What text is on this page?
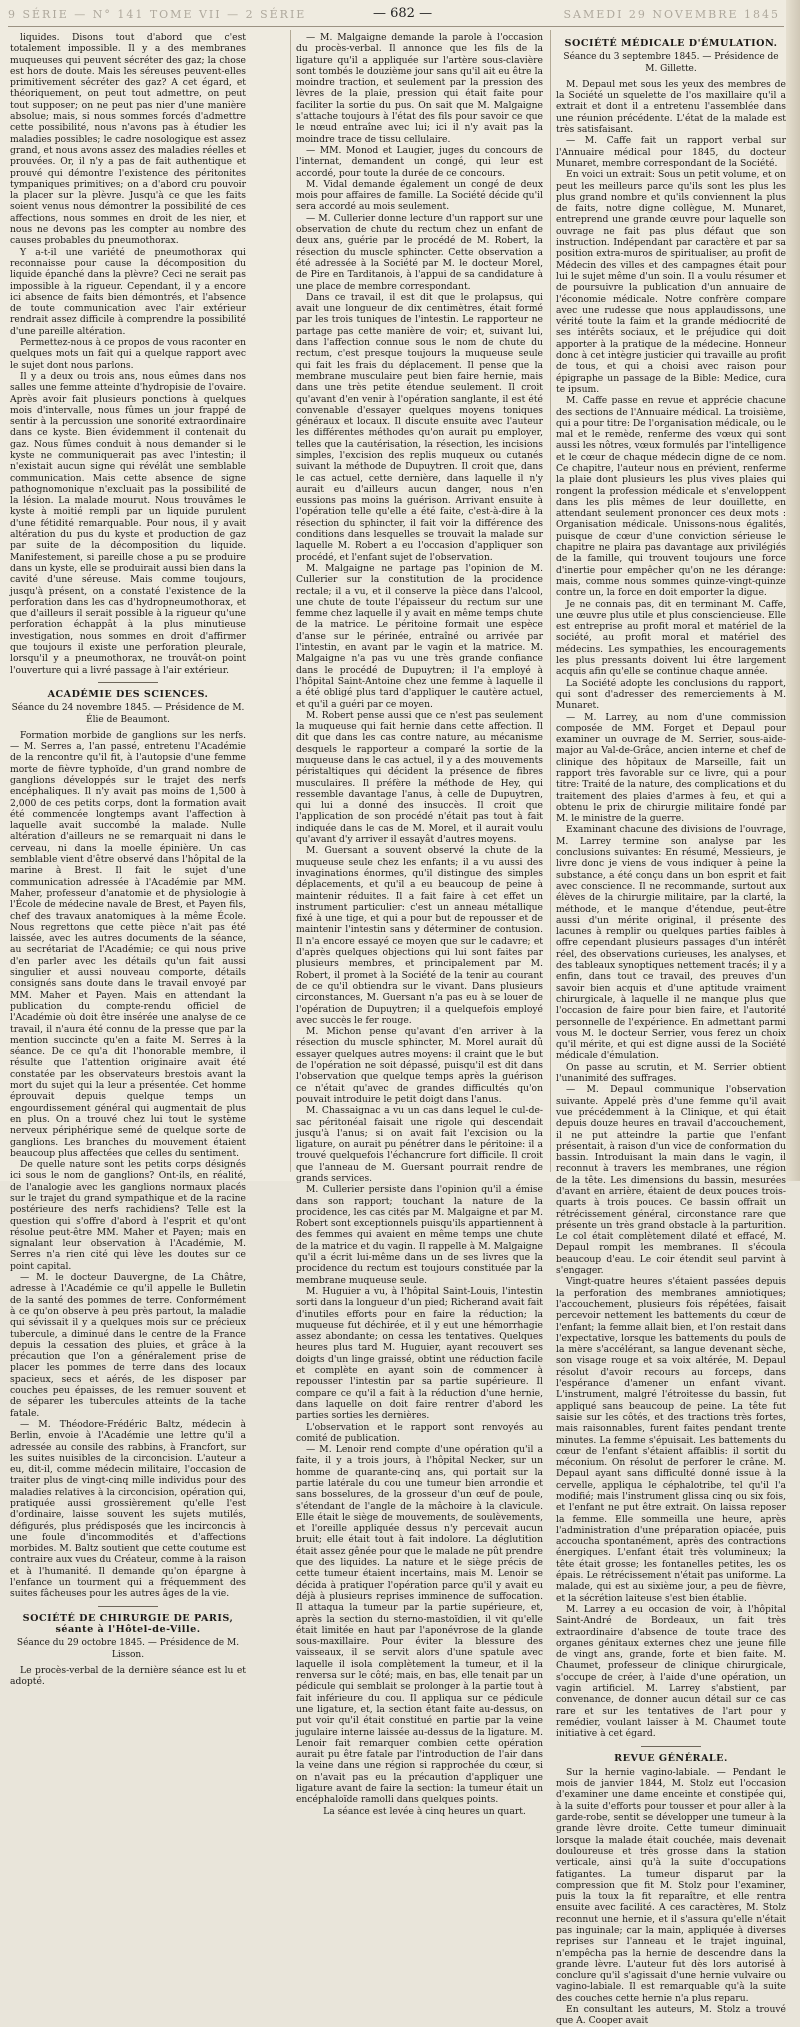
9 SÉRIE — N° 141 TOME VII — 2 SÉRIE	— 682 —	SAMEDI 29 NOVEMBRE 1845

liquides. Disons tout d'abord que c'est totalement impossible. Il y a des membranes muqueuses qui peuvent sécréter des gaz; la chose est hors de doute. Mais les séreuses peuvent-elles primitivement sécréter des gaz? A cet égard, et théoriquement, on peut tout admettre, on peut tout supposer; on ne peut pas nier d'une manière absolue; mais, si nous sommes forcés d'admettre cette possibilité, nous n'avons pas à étudier les maladies possibles; le cadre nosologique est assez grand, et nous avons assez des maladies réelles et prouvées. Or, il n'y a pas de fait authentique et prouvé qui démontre l'existence des péritonites tympaniques primitives; on a d'abord cru pouvoir la placer sur la plèvre. Jusqu'à ce que les faits soient venus nous démontrer la possibilité de ces affections, nous sommes en droit de les nier, et nous ne devons pas les compter au nombre des causes probables du pneumothorax.

Y a-t-il une variété de pneumothorax qui reconnaisse pour cause la décomposition du liquide épanché dans la plèvre? Ceci ne serait pas impossible à la rigueur. Cependant, il y a encore ici absence de faits bien démontrés, et l'absence de toute communication avec l'air extérieur rendrait assez difficile à comprendre la possibilité d'une pareille altération.

Permettez-nous à ce propos de vous raconter en quelques mots un fait qui a quelque rapport avec le sujet dont nous parlons.

Il y a deux ou trois ans, nous eûmes dans nos salles une femme atteinte d'hydropisie de l'ovaire. Après avoir fait plusieurs ponctions à quelques mois d'intervalle, nous fûmes un jour frappé de sentir à la percussion une sonorité extraordinaire dans ce kyste. Bien évidemment il contenait du gaz. Nous fûmes conduit à nous demander si le kyste ne communiquerait pas avec l'intestin; il n'existait aucun signe qui révélât une semblable communication. Mais cette absence de signe pathognomonique n'excluait pas la possibilité de la lésion. La malade mourut. Nous trouvâmes le kyste à moitié rempli par un liquide purulent d'une fétidité remarquable. Pour nous, il y avait altération du pus du kyste et production de gaz par suite de la décomposition du liquide. Manifestement, si pareille chose a pu se produire dans un kyste, elle se produirait aussi bien dans la cavité d'une séreuse. Mais comme toujours, jusqu'à présent, on a constaté l'existence de la perforation dans les cas d'hydropneumothorax, et que d'ailleurs il serait possible à la rigueur qu'une perforation échappât à la plus minutieuse investigation, nous sommes en droit d'affirmer que toujours il existe une perforation pleurale, lorsqu'il y a pneumothorax, ne trouvât-on point l'ouverture qui a livré passage à l'air extérieur.

ACADÉMIE DES SCIENCES.
Séance du 24 novembre 1845. — Présidence de M. Élie de Beaumont.

Formation morbide de ganglions sur les nerfs. — M. Serres a, l'an passé, entretenu l'Académie de la rencontre qu'il fit, à l'autopsie d'une femme morte de fièvre typhoïde, d'un grand nombre de ganglions développés sur le trajet des nerfs encéphaliques. Il n'y avait pas moins de 1,500 à 2,000 de ces petits corps, dont la formation avait été commencée longtemps avant l'affection à laquelle avait succombé la malade. Nulle altération d'ailleurs ne se remarquait ni dans le cerveau, ni dans la moelle épinière. Un cas semblable vient d'être observé dans l'hôpital de la marine à Brest. Il fait le sujet d'une communication adressée à l'Académie par MM. Maher, professeur d'anatomie et de physiologie à l'École de médecine navale de Brest, et Payen fils, chef des travaux anatomiques à la même École. Nous regrettons que cette pièce n'ait pas été laissée, avec les autres documents de la séance, au secrétariat de l'Académie; ce qui nous prive d'en parler avec les détails qu'un fait aussi singulier et aussi nouveau comporte, détails consignés sans doute dans le travail envoyé par MM. Maher et Payen. Mais en attendant la publication du compte-rendu officiel de l'Académie où doit être insérée une analyse de ce travail, il n'aura été connu de la presse que par la mention succincte qu'en a faite M. Serres à la séance. De ce qu'a dit l'honorable membre, il résulte que l'attention originaire avait été constatée par les observateurs brestois avant la mort du sujet qui la leur a présentée. Cet homme éprouvait depuis quelque temps un engourdissement général qui augmentait de plus en plus. On a trouvé chez lui tout le système nerveux périphérique semé de quelque sorte de ganglions. Les branches du mouvement étaient beaucoup plus affectées que celles du sentiment.

De quelle nature sont les petits corps désignés ici sous le nom de ganglions? Ont-ils, en réalité, de l'analogie avec les ganglions normaux placés sur le trajet du grand sympathique et de la racine postérieure des nerfs rachidiens? Telle est la question qui s'offre d'abord à l'esprit et qu'ont résolue peut-être MM. Maher et Payen; mais en signalant leur observation à l'Académie, M. Serres n'a rien cité qui lève les doutes sur ce point capital.

— M. le docteur Dauvergne, de La Châtre, adresse à l'Académie ce qu'il appelle le Bulletin de la santé des pommes de terre. Conformément à ce qu'on observe à peu près partout, la maladie qui sévissait il y a quelques mois sur ce précieux tubercule, a diminué dans le centre de la France depuis la cessation des pluies, et grâce à la précaution que l'on a généralement prise de placer les pommes de terre dans des locaux spacieux, secs et aérés, de les disposer par couches peu épaisses, de les remuer souvent et de séparer les tubercules atteints de la tache fatale.

— M. Théodore-Frédéric Baltz, médecin à Berlin, envoie à l'Académie une lettre qu'il a adressée au consile des rabbins, à Francfort, sur les suites nuisibles de la circoncision. L'auteur a eu, dit-il, comme médecin militaire, l'occasion de traiter plus de vingt-cinq mille individus pour des maladies relatives à la circoncision, opération qui, pratiquée aussi grossièrement qu'elle l'est d'ordinaire, laisse souvent les sujets mutilés, défigurés, plus prédisposés que les incirconcis à une foule d'incommodités et d'affections morbides. M. Baltz soutient que cette coutume est contraire aux vues du Créateur, comme à la raison et à l'humanité. Il demande qu'on épargne à l'enfance un tourment qui a fréquemment des suites fâcheuses pour les autres âges de la vie.

SOCIÉTÉ DE CHIRURGIE DE PARIS, séante à l'Hôtel-de-Ville.
Séance du 29 octobre 1845. — Présidence de M. Lisson.

Le procès-verbal de la dernière séance est lu et adopté.

— M. Malgaigne demande la parole à l'occasion du procès-verbal. Il annonce que les fils de la ligature qu'il a appliquée sur l'artère sous-clavière sont tombés le douzième jour sans qu'il ait eu être la moindre traction, et seulement par la pression des lèvres de la plaie, pression qui était faite pour faciliter la sortie du pus. On sait que M. Malgaigne s'attache toujours à l'état des fils pour savoir ce que le nœud entraîne avec lui; ici il n'y avait pas la moindre trace de tissu cellulaire.

— MM. Monod et Laugier, juges du concours de l'internat, demandent un congé, qui leur est accordé, pour toute la durée de ce concours.

M. Vidal demande également un congé de deux mois pour affaires de famille. La Société décide qu'il sera accordé au mois seulement.

— M. Cullerier donne lecture d'un rapport sur une observation de chute du rectum chez un enfant de deux ans, guérie par le procédé de M. Robert, la résection du muscle sphincter. Cette observation a été adressée à la Société par M. le docteur Morel, de Pire en Tarditanois, à l'appui de sa candidature à une place de membre correspondant.

Dans ce travail, il est dit que le prolapsus, qui avait une longueur de dix centimètres, était formé par les trois tuniques de l'intestin. Le rapporteur ne partage pas cette manière de voir; et, suivant lui, dans l'affection connue sous le nom de chute du rectum, c'est presque toujours la muqueuse seule qui fait les frais du déplacement. Il pense que la membrane musculaire peut bien faire hernie, mais dans une très petite étendue seulement. Il croit qu'avant d'en venir à l'opération sanglante, il est été convenable d'essayer quelques moyens toniques généraux et locaux. Il discute ensuite avec l'auteur les différentes méthodes qu'on aurait pu employer, telles que la cautérisation, la résection, les incisions simples, l'excision des replis muqueux ou cutanés suivant la méthode de Dupuytren. Il croit que, dans le cas actuel, cette dernière, dans laquelle il n'y aurait eu d'ailleurs aucun danger, nous n'en eussions pas moins la guérison. Arrivant ensuite à l'opération telle qu'elle a été faite, c'est-à-dire à la résection du sphincter, il fait voir la différence des conditions dans lesquelles se trouvait la malade sur laquelle M. Robert a eu l'occasion d'appliquer son procédé, et l'enfant sujet de l'observation.

M. Malgaigne ne partage pas l'opinion de M. Cullerier sur la constitution de la procidence rectale; il a vu, et il conserve la pièce dans l'alcool, une chute de toute l'épaisseur du rectum sur une femme chez laquelle il y avait en même temps chute de la matrice. Le péritoine formait une espèce d'anse sur le périnée, entraîné ou arrivée par l'intestin, en avant par le vagin et la matrice. M. Malgaigne n'a pas vu une très grande confiance dans le procédé de Dupuytren; il l'a employé à l'hôpital Saint-Antoine chez une femme à laquelle il a été obligé plus tard d'appliquer le cautère actuel, et qu'il a guéri par ce moyen.

M. Robert pense aussi que ce n'est pas seulement la muqueuse qui fait hernie dans cette affection. Il dit que dans les cas contre nature, au mécanisme desquels le rapporteur a comparé la sortie de la muqueuse dans le cas actuel, il y a des mouvements péristaltiques qui décident la présence de fibres musculaires. Il préfère la méthode de Hey, qui ressemble davantage l'anus, à celle de Dupuytren, qui lui a donné des insuccès. Il croit que l'application de son procédé n'était pas tout à fait indiquée dans le cas de M. Morel, et il aurait voulu qu'avant d'y arriver il essayât d'autres moyens.

M. Guersant a souvent observé la chute de la muqueuse seule chez les enfants; il a vu aussi des invaginations énormes, qu'il distingue des simples déplacements, et qu'il a eu beaucoup de peine à maintenir réduites. Il a fait faire à cet effet un instrument particulier: c'est un anneau métallique fixé à une tige, et qui a pour but de repousser et de maintenir l'intestin sans y déterminer de contusion. Il n'a encore essayé ce moyen que sur le cadavre; et d'après quelques objections qui lui sont faites par plusieurs membres, et principalement par M. Robert, il promet à la Société de la tenir au courant de ce qu'il obtiendra sur le vivant. Dans plusieurs circonstances, M. Guersant n'a pas eu à se louer de l'opération de Dupuytren; il a quelquefois employé avec succès le fer rouge.

M. Michon pense qu'avant d'en arriver à la résection du muscle sphincter, M. Morel aurait dû essayer quelques autres moyens: il craint que le but de l'opération ne soit dépassé, puisqu'il est dit dans l'observation que quelque temps après la guérison ce n'était qu'avec de grandes difficultés qu'on pouvait introduire le petit doigt dans l'anus.

M. Chassaignac a vu un cas dans lequel le cul-de-sac péritonéal faisait une rigole qui descendait jusqu'à l'anus; si on avait fait l'excision ou la ligature, on aurait pu pénétrer dans le péritoine: il a trouvé quelquefois l'échancrure fort difficile. Il croit que l'anneau de M. Guersant pourrait rendre de grands services.

M. Cullerier persiste dans l'opinion qu'il a émise dans son rapport; touchant la nature de la procidence, les cas cités par M. Malgaigne et par M. Robert sont exceptionnels puisqu'ils appartiennent à des femmes qui avaient en même temps une chute de la matrice et du vagin. Il rappelle à M. Malgaigne qu'il a écrit lui-même dans un de ses livres que la procidence du rectum est toujours constituée par la membrane muqueuse seule.

M. Huguier a vu, à l'hôpital Saint-Louis, l'intestin sorti dans la longueur d'un pied; Richerand avait fait d'inutiles efforts pour en faire la réduction; la muqueuse fut déchirée, et il y eut une hémorrhagie assez abondante; on cessa les tentatives. Quelques heures plus tard M. Huguier, ayant recouvert ses doigts d'un linge graissé, obtint une réduction facile et complète en ayant soin de commencer à repousser l'intestin par sa partie supérieure. Il compare ce qu'il a fait à la réduction d'une hernie, dans laquelle on doit faire rentrer d'abord les parties sorties les dernières.

L'observation et le rapport sont renvoyés au comité de publication.

— M. Lenoir rend compte d'une opération qu'il a faite, il y a trois jours, à l'hôpital Necker, sur un homme de quarante-cinq ans, qui portait sur la partie latérale du cou une tumeur bien arrondie et sans bosselures, de la grosseur d'un œuf de poule, s'étendant de l'angle de la mâchoire à la clavicule. Elle était le siège de mouvements, de soulèvements, et l'oreille appliquée dessus n'y percevait aucun bruit; elle était tout à fait indolore. La déglutition était assez gênée pour que le malade ne pût prendre que des liquides. La nature et le siège précis de cette tumeur étaient incertains, mais M. Lenoir se décida à pratiquer l'opération parce qu'il y avait eu déjà à plusieurs reprises imminence de suffocation. Il attaqua la tumeur par la partie supérieure, et, après la section du sterno-mastoïdien, il vit qu'elle était limitée en haut par l'aponévrose de la glande sous-maxillaire. Pour éviter la blessure des vaisseaux, il se servit alors d'une spatule avec laquelle il isola complètement la tumeur, et il la renversa sur le côté; mais, en bas, elle tenait par un pédicule qui semblait se prolonger à la partie tout à fait inférieure du cou. Il appliqua sur ce pédicule une ligature, et, la section étant faite au-dessus, on put voir qu'il était constitué en partie par la veine jugulaire interne laissée au-dessus de la ligature. M. Lenoir fait remarquer combien cette opération aurait pu être fatale par l'introduction de l'air dans la veine dans une région si rapprochée du cœur, si on n'avait pas eu la précaution d'appliquer une ligature avant de faire la section: la tumeur était un encéphaloïde ramolli dans quelques points.

La séance est levée à cinq heures un quart.

SOCIÉTÉ MÉDICALE D'ÉMULATION.
Séance du 3 septembre 1845. — Présidence de M. Gillette.

M. Depaul met sous les yeux des membres de la Société un squelette de l'os maxillaire qu'il a extrait et dont il a entretenu l'assemblée dans une réunion précédente. L'état de la malade est très satisfaisant.

— M. Caffe fait un rapport verbal sur l'Annuaire médical pour 1845, du docteur Munaret, membre correspondant de la Société.

En voici un extrait: Sous un petit volume, et on peut les meilleurs parce qu'ils sont les plus les plus grand nombre et qu'ils conviennent la plus de faits, notre digne collègue, M. Munaret, entreprend une grande œuvre pour laquelle son ouvrage ne fait pas plus défaut que son instruction. Indépendant par caractère et par sa position extra-muros de spiritualiser, au profit de Médecin des villes et des campagnes était pour lui le sujet même d'un soin. Il a voulu résumer et de poursuivre la publication d'un annuaire de l'économie médicale. Notre confrère compare avec une rudesse que nous applaudissons, une vérité toute la faim et la grande médiocrité de ses intérêts sociaux, et le préjudice qui doit apporter à la pratique de la médecine. Honneur donc à cet intègre justicier qui travaille au profit de tous, et qui a choisi avec raison pour épigraphe un passage de la Bible: Medice, cura te ipsum.

M. Caffe passe en revue et apprécie chacune des sections de l'Annuaire médical. La troisième, qui a pour titre: De l'organisation médicale, ou le mal et le remède, renferme des vœux qui sont aussi les nôtres, vœux formulés par l'intelligence et le cœur de chaque médecin digne de ce nom. Ce chapitre, l'auteur nous en prévient, renferme la plaie dont plusieurs les plus vives plaies qui rongent la profession médicale et s'enveloppent dans les plis mêmes de leur douillette, en attendant seulement prononcer ces deux mots : Organisation médicale. Unissons-nous égalités, puisque de cœur d'une conviction sérieuse le chapitre ne plaira pas davantage aux privilégiés de la famille, qui trouvent toujours une force d'inertie pour empêcher qu'on ne les dérange: mais, comme nous sommes quinze-vingt-quinze contre un, la force en doit emporter la digue.

Je ne connais pas, dit en terminant M. Caffe, une œuvre plus utile et plus consciencieuse. Elle est entreprise au profit moral et matériel de la société, au profit moral et matériel des médecins. Les sympathies, les encouragements les plus pressants doivent lui être largement acquis afin qu'elle se continue chaque année.

La Société adopte les conclusions du rapport, qui sont d'adresser des remerciements à M. Munaret.

— M. Larrey, au nom d'une commission composée de MM. Forget et Depaul pour examiner un ouvrage de M. Serrier, sous-aide-major au Val-de-Grâce, ancien interne et chef de clinique des hôpitaux de Marseille, fait un rapport très favorable sur ce livre, qui a pour titre: Traité de la nature, des complications et du traitement des plaies d'armes à feu, et qui a obtenu le prix de chirurgie militaire fondé par M. le ministre de la guerre.

Examinant chacune des divisions de l'ouvrage, M. Larrey termine son analyse par les conclusions suivantes: En résumé, Messieurs, je livre donc je viens de vous indiquer à peine la substance, a été conçu dans un bon esprit et fait avec conscience. Il ne recommande, surtout aux élèves de la chirurgie militaire, par la clarté, la méthode, et le manque d'étendue, peut-être aussi d'un mérite original, il présente des lacunes à remplir ou quelques parties faibles à offre cependant plusieurs passages d'un intérêt réel, des observations curieuses, les analyses, et des tableaux synoptiques nettement tracés; il y a enfin, dans tout ce travail, des preuves d'un savoir bien acquis et d'une aptitude vraiment chirurgicale, à laquelle il ne manque plus que l'occasion de faire pour bien faire, et l'autorité personnelle de l'expérience. En admettant parmi vous M. le docteur Serrier, vous ferez un choix qu'il mérite, et qui est digne aussi de la Société médicale d'émulation.

On passe au scrutin, et M. Serrier obtient l'unanimité des suffrages.

— M. Depaul communique l'observation suivante. Appelé près d'une femme qu'il avait vue précédemment à la Clinique, et qui était depuis douze heures en travail d'accouchement, il ne put atteindre la partie que l'enfant présentait, à raison d'un vice de conformation du bassin. Introduisant la main dans le vagin, il reconnut à travers les membranes, une région de la tête. Les dimensions du bassin, mesurées d'avant en arrière, étaient de deux pouces trois-quarts à trois pouces. Ce bassin offrait un rétrécissement général, circonstance rare que présente un très grand obstacle à la parturition. Le col était complètement dilaté et effacé, M. Depaul rompit les membranes. Il s'écoula beaucoup d'eau. Le coir étendit seul parvint à s'engager.

Vingt-quatre heures s'étaient passées depuis la perforation des membranes amniotiques; l'accouchement, plusieurs fois répétées, faisait percevoir nettement les battements du cœur de l'enfant; la femme allait bien, et l'on restait dans l'expectative, lorsque les battements du pouls de la mère s'accélérant, sa langue devenant sèche, son visage rouge et sa voix altérée, M. Depaul résolut d'avoir recours au forceps, dans l'espérance d'amener un enfant vivant. L'instrument, malgré l'étroitesse du bassin, fut appliqué sans beaucoup de peine. La tête fut saisie sur les côtés, et des tractions très fortes, mais raisonnables, furent faites pendant trente minutes. La femme s'épuisait. Les battements du cœur de l'enfant s'étaient affaiblis: il sortit du méconium. On résolut de perforer le crâne. M. Depaul ayant sans difficulté donné issue à la cervelle, appliqua le céphalotribe, tel qu'il l'a modifié; mais l'instrument glissa cinq ou six fois, et l'enfant ne put être extrait. On laissa reposer la femme. Elle sommeilla une heure, après l'administration d'une préparation opiacée, puis accoucha spontanément, après des contractions énergiques. L'enfant était très volumineux; la tête était grosse; les fontanelles petites, les os épais. Le rétrécissement n'était pas uniforme. La malade, qui est au sixième jour, a peu de fièvre, et la sécrétion laiteuse s'est bien établie.

M. Larrey a eu occasion de voir, à l'hôpital Saint-André de Bordeaux, un fait très extraordinaire d'absence de toute trace des organes génitaux externes chez une jeune fille de vingt ans, grande, forte et bien faite. M. Chaumet, professeur de clinique chirurgicale, s'occupe de créer, à l'aide d'une opération, un vagin artificiel. M. Larrey s'abstient, par convenance, de donner aucun détail sur ce cas rare et sur les tentatives de l'art pour y remédier, voulant laisser à M. Chaumet toute initiative à cet égard.

REVUE GÉNÉRALE.

Sur la hernie vagino-labiale. — Pendant le mois de janvier 1844, M. Stolz eut l'occasion d'examiner une dame enceinte et constipée qui, à la suite d'efforts pour tousser et pour aller à la garde-robe, sentit se développer une tumeur à la grande lèvre droite. Cette tumeur diminuait lorsque la malade était couchée, mais devenait douloureuse et très grosse dans la station verticale, ainsi qu'à la suite d'occupations fatigantes. La tumeur disparut par la compression que fit M. Stolz pour l'examiner, puis la toux la fit reparaître, et elle rentra ensuite avec facilité. A ces caractères, M. Stolz reconnut une hernie, et il s'assura qu'elle n'était pas inguinale; car la main, appliquée à diverses reprises sur l'anneau et le trajet inguinal, n'empêcha pas la hernie de descendre dans la grande lèvre. L'auteur fut dès lors autorisé à conclure qu'il s'agissait d'une hernie vulvaire ou vagino-labiale. Il est remarquable qu'à la suite des couches cette hernie n'a plus reparu.

En consultant les auteurs, M. Stolz a trouvé que A. Cooper avait
